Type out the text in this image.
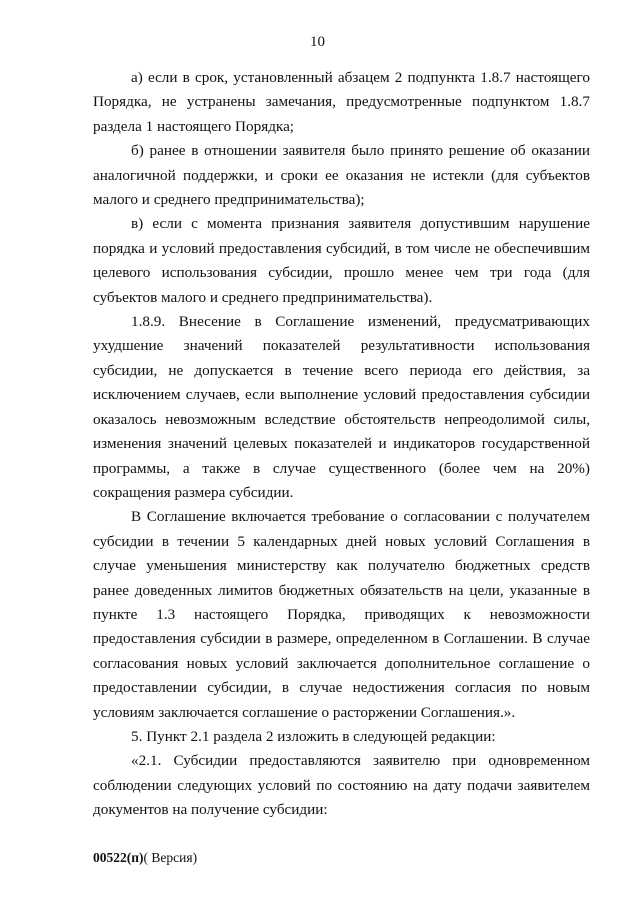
10

а) если в срок, установленный абзацем 2 подпункта 1.8.7 настоящего Порядка, не устранены замечания, предусмотренные подпунктом 1.8.7 раздела 1 настоящего Порядка;

б) ранее в отношении заявителя было принято решение об оказании аналогичной поддержки, и сроки ее оказания не истекли (для субъектов малого и среднего предпринимательства);

в) если с момента признания заявителя допустившим нарушение порядка и условий предоставления субсидий, в том числе не обеспечившим целевого использования субсидии, прошло менее чем три года (для субъектов малого и среднего предпринимательства).

1.8.9. Внесение в Соглашение изменений, предусматривающих ухудшение значений показателей результативности использования субсидии, не допускается в течение всего периода его действия, за исключением случаев, если выполнение условий предоставления субсидии оказалось невозможным вследствие обстоятельств непреодолимой силы, изменения значений целевых показателей и индикаторов государственной программы, а также в случае существенного (более чем на 20%) сокращения размера субсидии.

В Соглашение включается требование о согласовании с получателем субсидии в течении 5 календарных дней новых условий Соглашения в случае уменьшения министерству как получателю бюджетных средств ранее доведенных лимитов бюджетных обязательств на цели, указанные в пункте 1.3 настоящего Порядка, приводящих к невозможности предоставления субсидии в размере, определенном в Соглашении. В случае согласования новых условий заключается дополнительное соглашение о предоставлении субсидии, в случае недостижения согласия по новым условиям заключается соглашение о расторжении Соглашения.».

5. Пункт 2.1 раздела 2 изложить в следующей редакции:

«2.1. Субсидии предоставляются заявителю при одновременном соблюдении следующих условий по состоянию на дату подачи заявителем документов на получение субсидии:

00522(п)( Версия)
